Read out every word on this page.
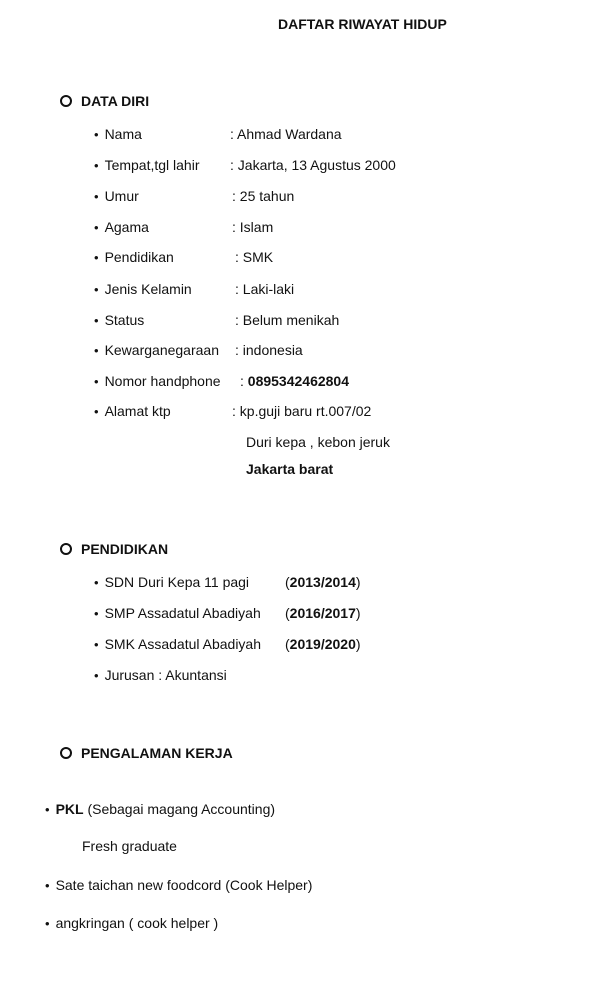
DAFTAR RIWAYAT HIDUP
DATA DIRI
• Nama	: Ahmad Wardana
• Tempat,tgl lahir : Jakarta, 13 Agustus 2000
• Umur	: 25 tahun
• Agama	: Islam
• Pendidikan	: SMK
• Jenis Kelamin	: Laki-laki
• Status	: Belum menikah
• Kewarganegaraan : indonesia
• Nomor handphone : 0895342462804
• Alamat ktp	: kp.guji baru rt.007/02
Duri kepa , kebon jeruk
Jakarta barat
PENDIDIKAN
• SDN Duri Kepa 11 pagi	(2013/2014)
• SMP Assadatul Abadiyah (2016/2017)
• SMK Assadatul Abadiyah (2019/2020)
• Jurusan : Akuntansi
PENGALAMAN KERJA
• PKL (Sebagai magang Accounting)
Fresh graduate
• Sate taichan new foodcord (Cook Helper)
• angkringan ( cook helper )
